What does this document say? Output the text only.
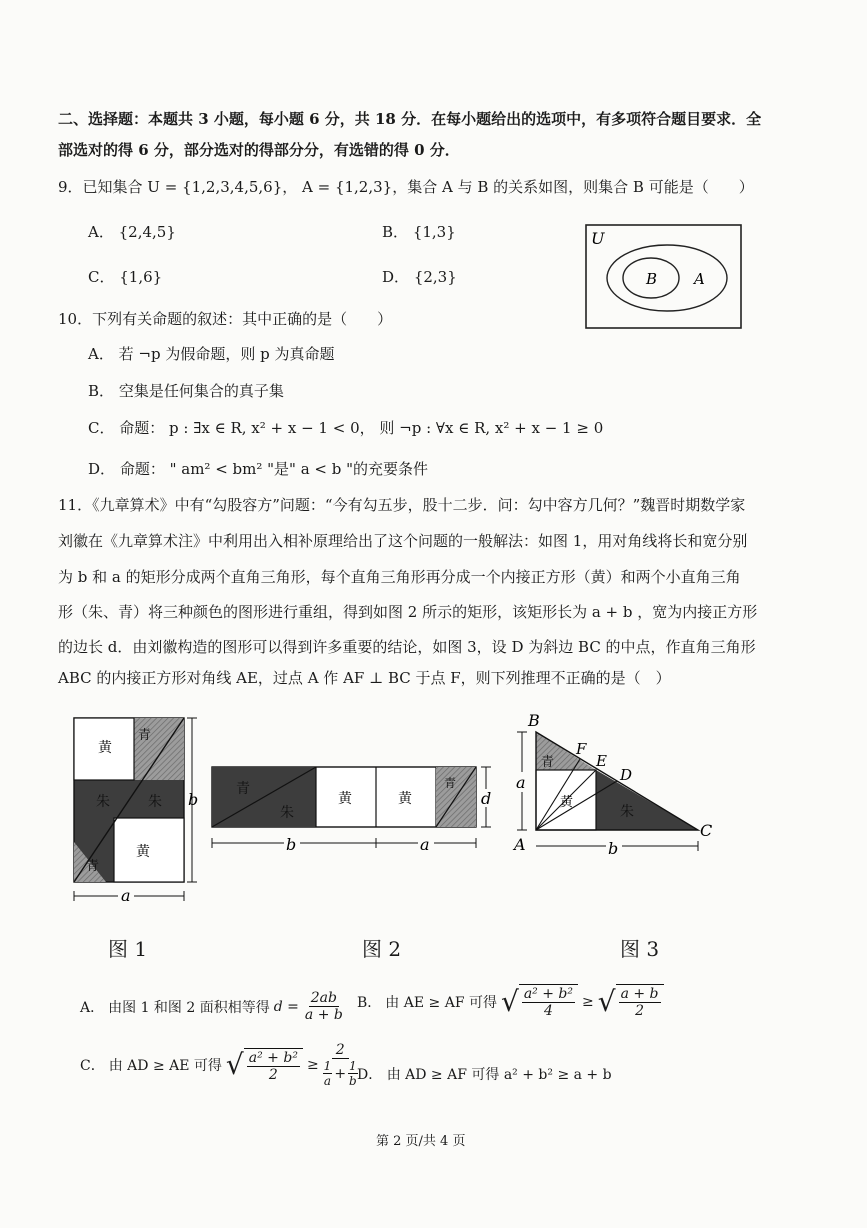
二、选择题：本题共 3 小题，每小题 6 分，共 18 分．在每小题给出的选项中，有多项符合题目要求．全
部选对的得 6 分，部分选对的得部分分，有选错的得 0 分．
9．已知集合 U = {1,2,3,4,5,6}， A = {1,2,3}，集合 A 与 B 的关系如图，则集合 B 可能是（　　）
A． {2,4,5}	B． {1,3}
C． {1,6}	D． {2,3}
U
B A
10．下列有关命题的叙述：其中正确的是（　　）
A． 若 ¬p 为假命题，则 p 为真命题
B． 空集是任何集合的真子集
C． 命题： p : ∃x ∈ R, x² + x − 1 < 0， 则 ¬p : ∀x ∈ R, x² + x − 1 ≥ 0
D． 命题： " am² < bm² "是" a < b "的充要条件
11．《九章算术》中有“勾股容方”问题：“今有勾五步，股十二步．问：勾中容方几何？”魏晋时期数学家
刘徽在《九章算术注》中利用出入相补原理给出了这个问题的一般解法：如图 1，用对角线将长和宽分别
为 b 和 a 的矩形分成两个直角三角形，每个直角三角形再分成一个内接正方形（黄）和两个小直角三角
形（朱、青）将三种颜色的图形进行重组，得到如图 2 所示的矩形，该矩形长为 a + b ，宽为内接正方形
的边长 d．由刘徽构造的图形可以得到许多重要的结论，如图 3，设 D 为斜边 BC 的中点，作直角三角形
ABC 的内接正方形对角线 AE，过点 A 作 AF ⊥ BC 于点 F，则下列推理不正确的是（　）
黄
青
朱	朱
黄
青
b
a
青
朱
黄	黄
青
d
b	a
B
F
E
D
C
A
青
黄
朱
a
b
图 1	图 2	图 3
A． 由图 1 和图 2 面积相等得 $d = \frac{2ab}{a + b}$ B． 由 AE ≥ AF 可得 √ $\frac{\text{a² + b²}}{4}$ ≥ √ $\frac{a + b}{2}$
C． 由 AD ≥ AE 可得 √ $\frac{\text{a² + b²}}{2} \ge \frac{2}{\frac{1}{a} + \frac{1}{b}}$ D． 由 AD ≥ AF 可得 a² + b² ≥ a + b
第 2 页/共 4 页
